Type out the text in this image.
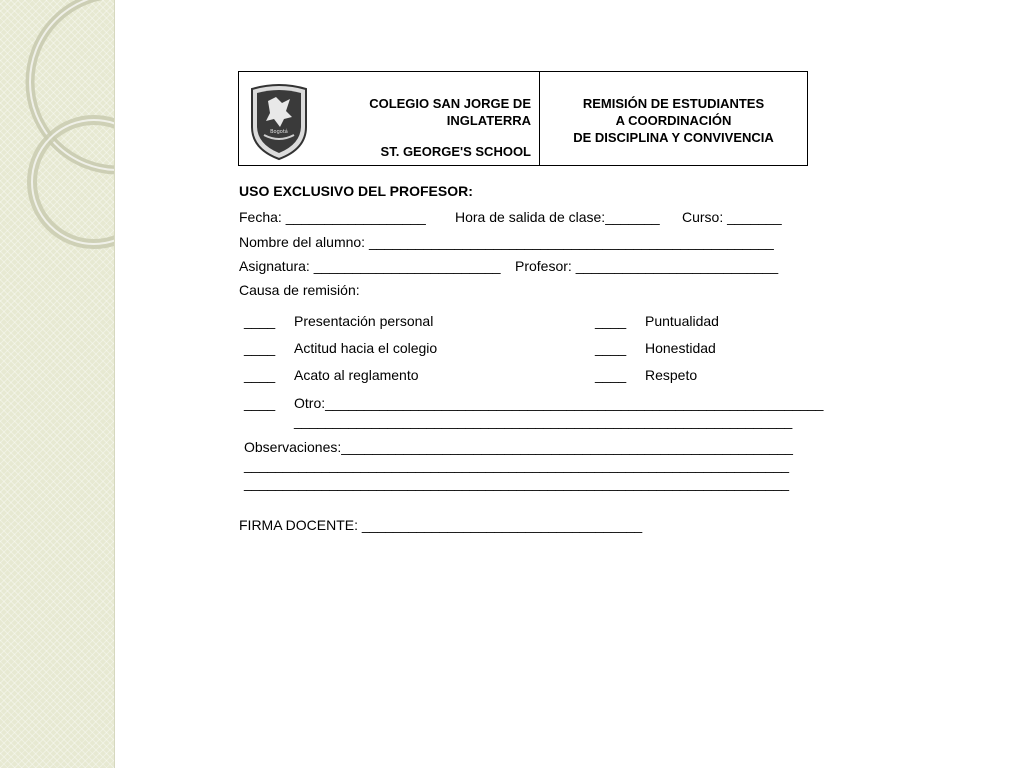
Bogotá
COLEGIO SAN JORGE DE
INGLATERRA
ST. GEORGE'S SCHOOL
REMISIÓN DE ESTUDIANTES
A COORDINACIÓN
DE DISCIPLINA Y CONVIVENCIA
USO EXCLUSIVO DEL PROFESOR:
Fecha: __________________ Hora de salida de clase:_______ Curso: _______
Nombre del alumno: ____________________________________________________
Asignatura: ________________________ Profesor: __________________________
Causa de remisión:
____ Presentación personal	____ Puntualidad
____ Actitud hacia el colegio	____ Honestidad
____ Acato al reglamento	____ Respeto
____ Otro:________________________________________________________________
________________________________________________________________
Observaciones:__________________________________________________________
______________________________________________________________________
______________________________________________________________________
FIRMA DOCENTE: ____________________________________
